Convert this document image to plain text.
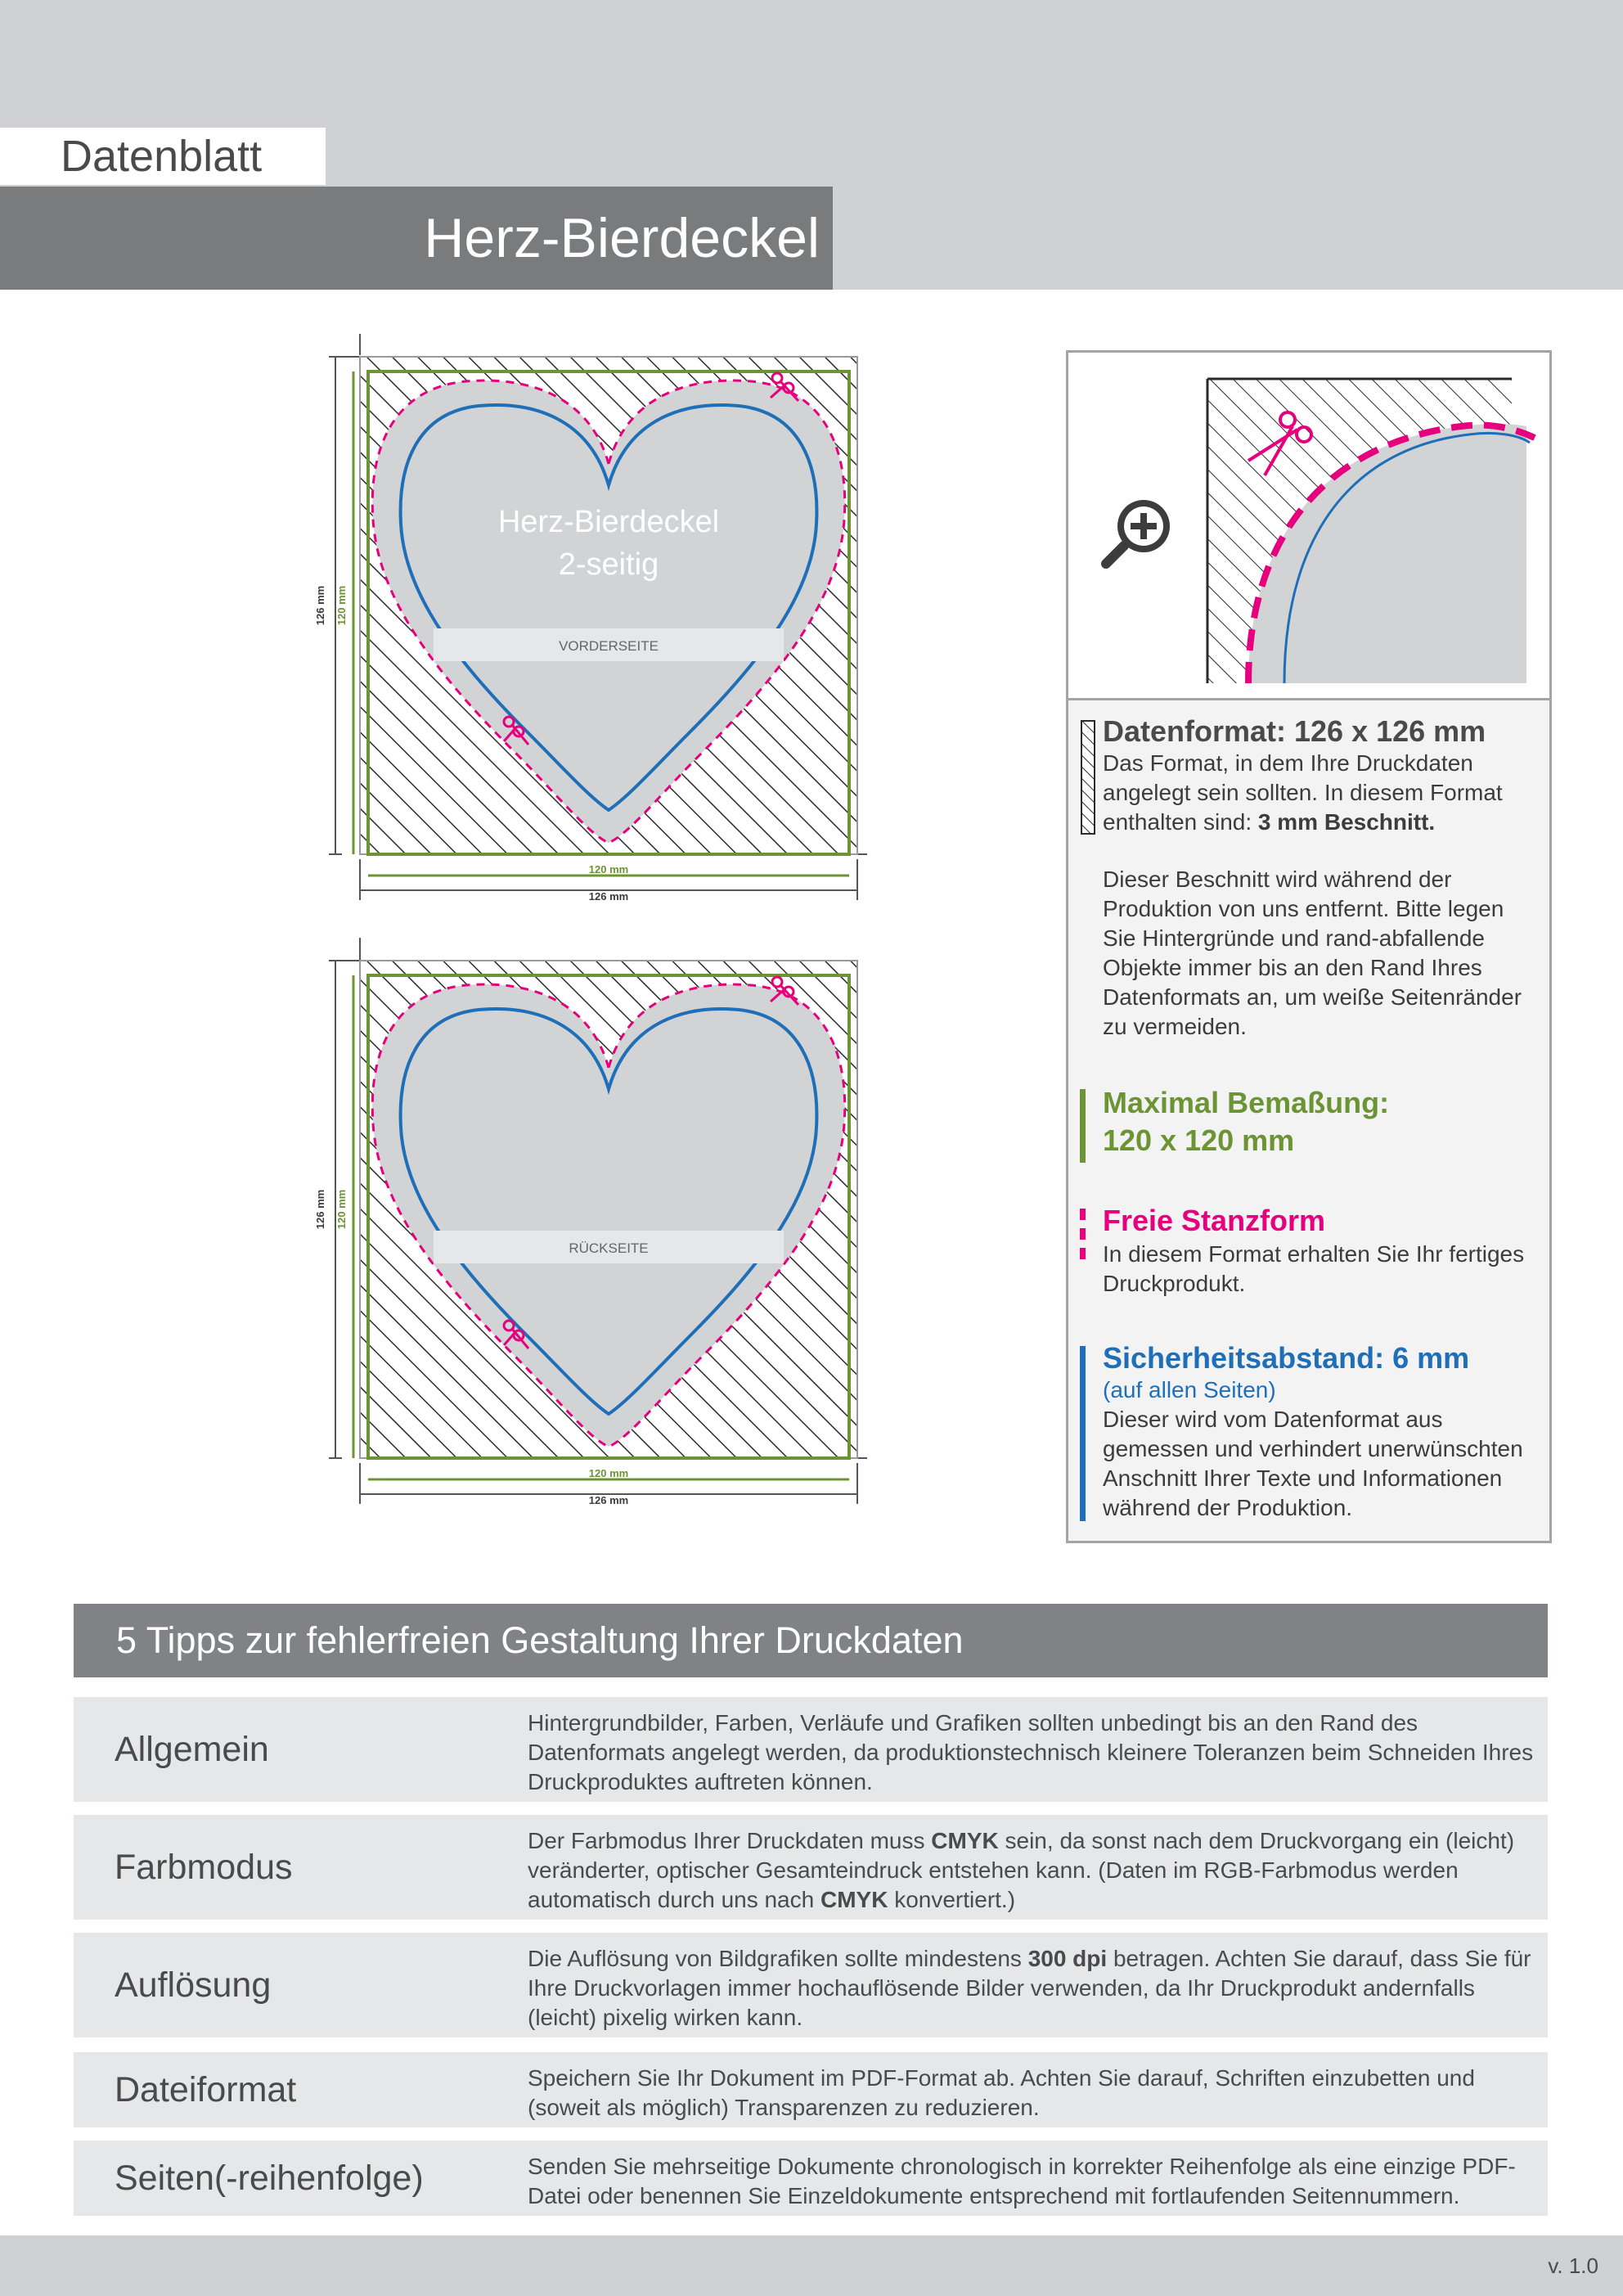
Datenblatt
Herz-Bierdeckel
VORDERSEITE
Herz-Bierdeckel
2-seitig
126 mm 120 mm
120 mm
126 mm
RÜCKSEITE
126 mm 120 mm
120 mm
126 mm
Datenformat: 126 x 126 mm
Das Format, in dem Ihre Druckdaten angelegt sein sollten. In diesem Format enthalten sind: 3 mm Beschnitt.
Dieser Beschnitt wird während der Produktion von uns entfernt. Bitte legen Sie Hintergründe und rand-abfallende Objekte immer bis an den Rand Ihres Datenformats an, um weiße Seitenränder zu vermeiden.
Maximal Bemaßung:
120 x 120 mm
Freie Stanzform
In diesem Format erhalten Sie Ihr fertiges Druckprodukt.
Sicherheitsabstand: 6 mm
(auf allen Seiten)
Dieser wird vom Datenformat aus gemessen und verhindert unerwünschten Anschnitt Ihrer Texte und Informationen während der Produktion.
5 Tipps zur fehlerfreien Gestaltung Ihrer Druckdaten
Allgemein
Hintergrundbilder, Farben, Verläufe und Grafiken sollten unbedingt bis an den Rand des Datenformats angelegt werden, da produktionstechnisch kleinere Toleranzen beim Schneiden Ihres Druckproduktes auftreten können.
Farbmodus
Der Farbmodus Ihrer Druckdaten muss CMYK sein, da sonst nach dem Druckvorgang ein (leicht) veränderter, optischer Gesamteindruck entstehen kann. (Daten im RGB-Farbmodus werden automatisch durch uns nach CMYK konvertiert.)
Auflösung
Die Auflösung von Bildgrafiken sollte mindestens 300 dpi betragen. Achten Sie darauf, dass Sie für Ihre Druckvorlagen immer hochauflösende Bilder verwenden, da Ihr Druckprodukt andernfalls (leicht) pixelig wirken kann.
Dateiformat	Speichern Sie Ihr Dokument im PDF-Format ab. Achten Sie darauf, Schriften einzubetten und (soweit als möglich) Transparenzen zu reduzieren.
Seiten(-reihenfolge)	Senden Sie mehrseitige Dokumente chronologisch in korrekter Reihenfolge als eine einzige PDF-Datei oder benennen Sie Einzeldokumente entsprechend mit fortlaufenden Seitennummern.
v. 1.0
